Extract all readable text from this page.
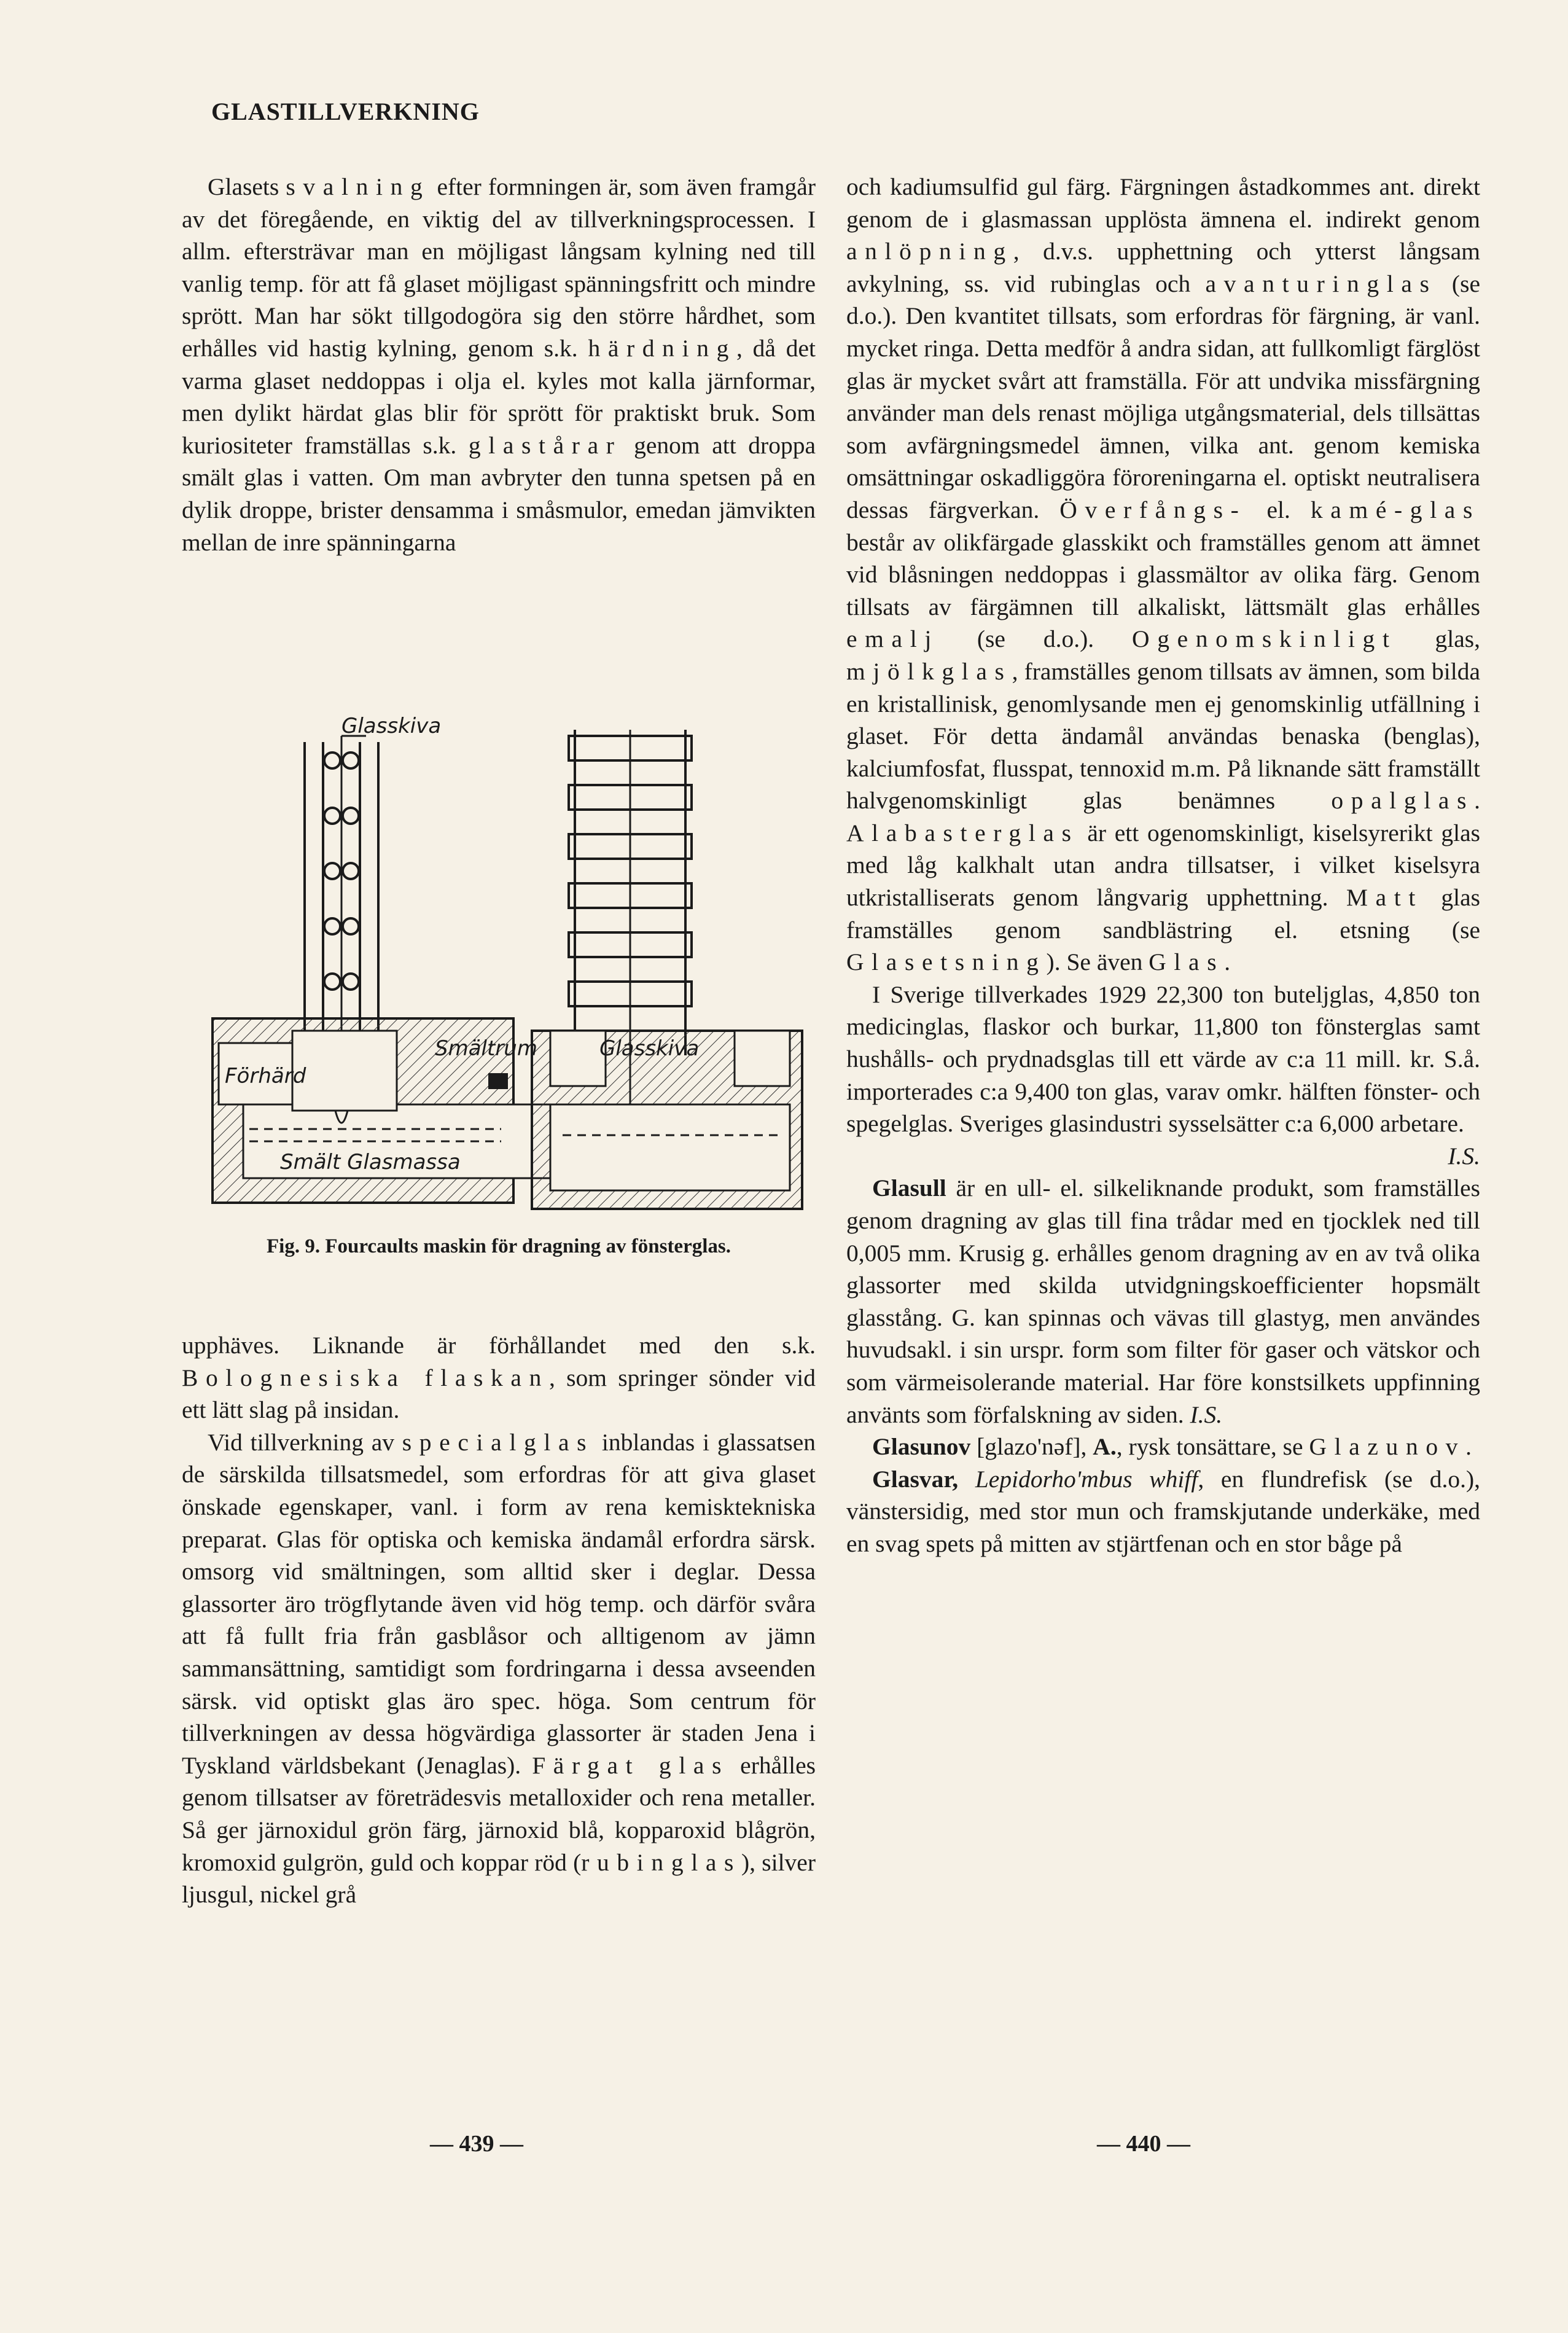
GLASTILLVERKNING

Glasets svalning efter formningen är, som även framgår av det föregående, en viktig del av tillverkningsprocessen. I allm. eftersträvar man en möjligast långsam kylning ned till vanlig temp. för att få glaset möjligast spänningsfritt och mindre sprött. Man har sökt tillgodogöra sig den större hårdhet, som erhålles vid hastig kylning, genom s.k. härdning, då det varma glaset neddoppas i olja el. kyles mot kalla järnformar, men dylikt härdat glas blir för sprött för praktiskt bruk. Som kuriositeter framställas s.k. glastårar genom att droppa smält glas i vatten. Om man avbryter den tunna spetsen på en dylik droppe, brister densamma i småsmulor, emedan jämvikten mellan de inre spänningarna

Glasskiva
Smältrum	Glasskiva
Förhärd
Smält Glasmassa
Fig. 9. Fourcaults maskin för dragning av fönsterglas.

upphäves. Liknande är förhållandet med den s.k. Bolognesiska flaskan, som springer sönder vid ett lätt slag på insidan.

Vid tillverkning av specialglas inblandas i glassatsen de särskilda tillsatsmedel, som erfordras för att giva glaset önskade egenskaper, vanl. i form av rena kemisktekniska preparat. Glas för optiska och kemiska ändamål erfordra särsk. omsorg vid smältningen, som alltid sker i deglar. Dessa glassorter äro trögflytande även vid hög temp. och därför svåra att få fullt fria från gasblåsor och alltigenom av jämn sammansättning, samtidigt som fordringarna i dessa avseenden särsk. vid optiskt glas äro spec. höga. Som centrum för tillverkningen av dessa högvärdiga glassorter är staden Jena i Tyskland världsbekant (Jenaglas). Färgat glas erhålles genom tillsatser av företrädesvis metalloxider och rena metaller. Så ger järnoxidul grön färg, järnoxid blå, kopparoxid blågrön, kromoxid gulgrön, guld och koppar röd (rubinglas), silver ljusgul, nickel grå

och kadiumsulfid gul färg. Färgningen åstadkommes ant. direkt genom de i glasmassan upplösta ämnena el. indirekt genom anlöpning, d.v.s. upphettning och ytterst långsam avkylning, ss. vid rubinglas och avanturinglas (se d.o.). Den kvantitet tillsats, som erfordras för färgning, är vanl. mycket ringa. Detta medför å andra sidan, att fullkomligt färglöst glas är mycket svårt att framställa. För att undvika missfärgning använder man dels renast möjliga utgångsmaterial, dels tillsättas som avfärgningsmedel ämnen, vilka ant. genom kemiska omsättningar oskadliggöra föroreningarna el. optiskt neutralisera dessas färgverkan. Överfångs- el. kamé-glas består av olikfärgade glasskikt och framställes genom att ämnet vid blåsningen neddoppas i glassmältor av olika färg. Genom tillsats av färgämnen till alkaliskt, lättsmält glas erhålles emalj (se d.o.). Ogenomskinligt glas, mjölkglas, framställes genom tillsats av ämnen, som bilda en kristallinisk, genomlysande men ej genomskinlig utfällning i glaset. För detta ändamål användas benaska (benglas), kalciumfosfat, flusspat, tennoxid m.m. På liknande sätt framställt halvgenomskinligt glas benämnes opalglas. Alabasterglas är ett ogenomskinligt, kiselsyrerikt glas med låg kalkhalt utan andra tillsatser, i vilket kiselsyra utkristalliserats genom långvarig upphettning. Matt glas framställes genom sandblästring el. etsning (se Glasetsning). Se även Glas.

I Sverige tillverkades 1929 22,300 ton buteljglas, 4,850 ton medicinglas, flaskor och burkar, 11,800 ton fönsterglas samt hushålls- och prydnadsglas till ett värde av c:a 11 mill. kr. S.å. importerades c:a 9,400 ton glas, varav omkr. hälften fönster- och spegelglas. Sveriges glasindustri sysselsätter c:a 6,000 arbetare.

I.S.

Glasull är en ull- el. silkeliknande produkt, som framställes genom dragning av glas till fina trådar med en tjocklek ned till 0,005 mm. Krusig g. erhålles genom dragning av en av två olika glassorter med skilda utvidgningskoefficienter hopsmält glasstång. G. kan spinnas och vävas till glastyg, men användes huvudsakl. i sin urspr. form som filter för gaser och vätskor och som värmeisolerande material. Har före konstsilkets uppfinning använts som förfalskning av siden. I.S.

Glasunov [glazo'nəf], A., rysk tonsättare, se Glazunov.

Glasvar, Lepidorho'mbus whiff, en flundrefisk (se d.o.), vänstersidig, med stor mun och framskjutande underkäke, med en svag spets på mitten av stjärtfenan och en stor båge på

— 439 —	— 440 —
